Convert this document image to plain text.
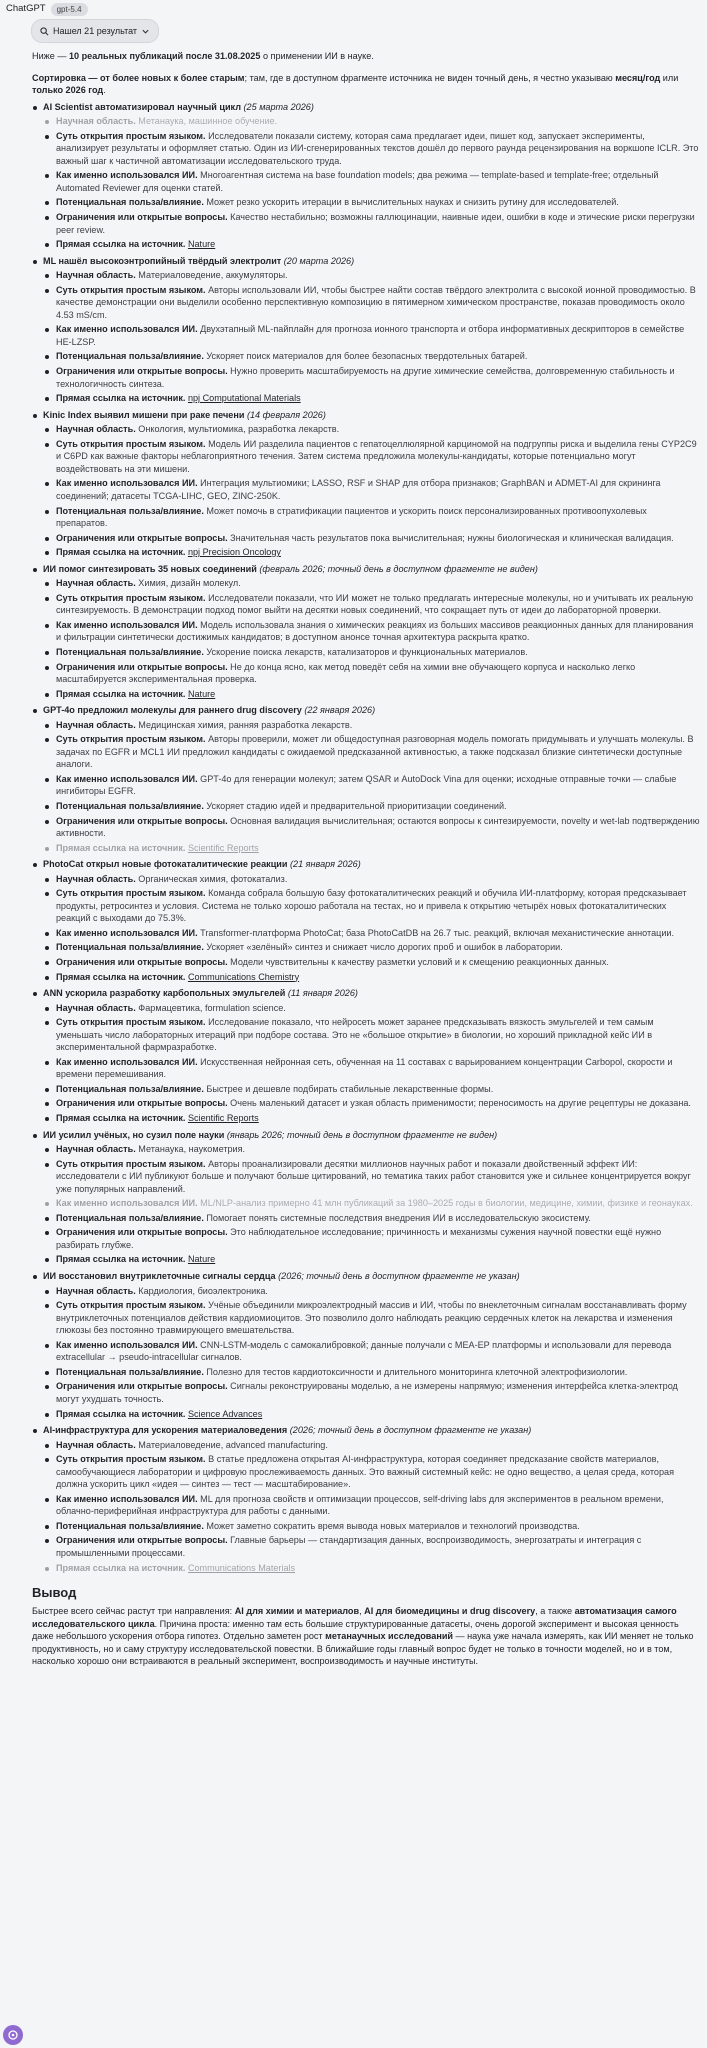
ChatGPT	gpt-5.4
Нашел 21 результат
Ниже — 10 реальных публикаций после 31.08.2025 о применении ИИ в науке.
Сортировка — от более новых к более старым; там, где в доступном фрагменте источника не виден точный день, я честно указываю месяц/год или только 2026 год.
AI Scientist автоматизировал научный цикл (25 марта 2026)
Научная область. Метанаука, машинное обучение.
Суть открытия простым языком. Исследователи показали систему, которая сама предлагает идеи, пишет код, запускает эксперименты, анализирует результаты и оформляет статью. Один из ИИ-сгенерированных текстов дошёл до первого раунда рецензирования на воркшопе ICLR. Это важный шаг к частичной автоматизации исследовательского труда.
Как именно использовался ИИ. Многоагентная система на base foundation models; два режима — template-based и template-free; отдельный Automated Reviewer для оценки статей.
Потенциальная польза/влияние. Может резко ускорить итерации в вычислительных науках и снизить рутину для исследователей.
Ограничения или открытые вопросы. Качество нестабильно; возможны галлюцинации, наивные идеи, ошибки в коде и этические риски перегрузки peer review.
Прямая ссылка на источник. Nature
ML нашёл высокоэнтропийный твёрдый электролит (20 марта 2026)
Научная область. Материаловедение, аккумуляторы.
Суть открытия простым языком. Авторы использовали ИИ, чтобы быстрее найти состав твёрдого электролита с высокой ионной проводимостью. В качестве демонстрации они выделили особенно перспективную композицию в пятимерном химическом пространстве, показав проводимость около 4.53 mS/cm.
Как именно использовался ИИ. Двухэтапный ML-пайплайн для прогноза ионного транспорта и отбора информативных дескрипторов в семействе HE-LZSP.
Потенциальная польза/влияние. Ускоряет поиск материалов для более безопасных твердотельных батарей.
Ограничения или открытые вопросы. Нужно проверить масштабируемость на другие химические семейства, долговременную стабильность и технологичность синтеза.
Прямая ссылка на источник. npj Computational Materials
Kinic Index выявил мишени при раке печени (14 февраля 2026)
Научная область. Онкология, мультиомика, разработка лекарств.
Суть открытия простым языком. Модель ИИ разделила пациентов с гепатоцеллюлярной карциномой на подгруппы риска и выделила гены CYP2C9 и C6PD как важные факторы неблагоприятного течения. Затем система предложила молекулы-кандидаты, которые потенциально могут воздействовать на эти мишени.
Как именно использовался ИИ. Интеграция мультиомики; LASSO, RSF и SHAP для отбора признаков; GraphBAN и ADMET-AI для скрининга соединений; датасеты TCGA-LIHC, GEO, ZINC-250K.
Потенциальная польза/влияние. Может помочь в стратификации пациентов и ускорить поиск персонализированных противоопухолевых препаратов.
Ограничения или открытые вопросы. Значительная часть результатов пока вычислительная; нужны биологическая и клиническая валидация.
Прямая ссылка на источник. npj Precision Oncology
ИИ помог синтезировать 35 новых соединений (февраль 2026; точный день в доступном фрагменте не виден)
Научная область. Химия, дизайн молекул.
Суть открытия простым языком. Исследователи показали, что ИИ может не только предлагать интересные молекулы, но и учитывать их реальную синтезируемость. В демонстрации подход помог выйти на десятки новых соединений, что сокращает путь от идеи до лабораторной проверки.
Как именно использовался ИИ. Модель использовала знания о химических реакциях из больших массивов реакционных данных для планирования и фильтрации синтетически достижимых кандидатов; в доступном анонсе точная архитектура раскрыта кратко.
Потенциальная польза/влияние. Ускорение поиска лекарств, катализаторов и функциональных материалов.
Ограничения или открытые вопросы. Не до конца ясно, как метод поведёт себя на химии вне обучающего корпуса и насколько легко масштабируется экспериментальная проверка.
Прямая ссылка на источник. Nature
GPT-4o предложил молекулы для раннего drug discovery (22 января 2026)
Научная область. Медицинская химия, ранняя разработка лекарств.
Суть открытия простым языком. Авторы проверили, может ли общедоступная разговорная модель помогать придумывать и улучшать молекулы. В задачах по EGFR и MCL1 ИИ предложил кандидаты с ожидаемой предсказанной активностью, а также подсказал близкие синтетически доступные аналоги.
Как именно использовался ИИ. GPT-4o для генерации молекул; затем QSAR и AutoDock Vina для оценки; исходные отправные точки — слабые ингибиторы EGFR.
Потенциальная польза/влияние. Ускоряет стадию идей и предварительной приоритизации соединений.
Ограничения или открытые вопросы. Основная валидация вычислительная; остаются вопросы к синтезируемости, novelty и wet-lab подтверждению активности.
Прямая ссылка на источник. Scientific Reports
PhotoCat открыл новые фотокаталитические реакции (21 января 2026)
Научная область. Органическая химия, фотокатализ.
Суть открытия простым языком. Команда собрала большую базу фотокаталитических реакций и обучила ИИ-платформу, которая предсказывает продукты, ретросинтез и условия. Система не только хорошо работала на тестах, но и привела к открытию четырёх новых фотокаталитических реакций с выходами до 75.3%.
Как именно использовался ИИ. Transformer-платформа PhotoCat; база PhotoCatDB на 26.7 тыс. реакций, включая механистические аннотации.
Потенциальная польза/влияние. Ускоряет «зелёный» синтез и снижает число дорогих проб и ошибок в лаборатории.
Ограничения или открытые вопросы. Модели чувствительны к качеству разметки условий и к смещению реакционных данных.
Прямая ссылка на источник. Communications Chemistry
ANN ускорила разработку карбопольных эмульгелей (11 января 2026)
Научная область. Фармацевтика, formulation science.
Суть открытия простым языком. Исследование показало, что нейросеть может заранее предсказывать вязкость эмульгелей и тем самым уменьшать число лабораторных итераций при подборе состава. Это не «большое открытие» в биологии, но хороший прикладной кейс ИИ в экспериментальной фармразработке.
Как именно использовался ИИ. Искусственная нейронная сеть, обученная на 11 составах с варьированием концентрации Carbopol, скорости и времени перемешивания.
Потенциальная польза/влияние. Быстрее и дешевле подбирать стабильные лекарственные формы.
Ограничения или открытые вопросы. Очень маленький датасет и узкая область применимости; переносимость на другие рецептуры не доказана.
Прямая ссылка на источник. Scientific Reports
ИИ усилил учёных, но сузил поле науки (январь 2026; точный день в доступном фрагменте не виден)
Научная область. Метанаука, наукометрия.
Суть открытия простым языком. Авторы проанализировали десятки миллионов научных работ и показали двойственный эффект ИИ: исследователи с ИИ публикуют больше и получают больше цитирований, но тематика таких работ становится уже и сильнее концентрируется вокруг уже популярных направлений.
Как именно использовался ИИ. ML/NLP-анализ примерно 41 млн публикаций за 1980–2025 годы в биологии, медицине, химии, физике и геонауках.
Потенциальная польза/влияние. Помогает понять системные последствия внедрения ИИ в исследовательскую экосистему.
Ограничения или открытые вопросы. Это наблюдательное исследование; причинность и механизмы сужения научной повестки ещё нужно разбирать глубже.
Прямая ссылка на источник. Nature
ИИ восстановил внутриклеточные сигналы сердца (2026; точный день в доступном фрагменте не указан)
Научная область. Кардиология, биоэлектроника.
Суть открытия простым языком. Учёные объединили микроэлектродный массив и ИИ, чтобы по внеклеточным сигналам восстанавливать форму внутриклеточных потенциалов действия кардиомиоцитов. Это позволило долго наблюдать реакцию сердечных клеток на лекарства и изменения глюкозы без постоянно травмирующего вмешательства.
Как именно использовался ИИ. CNN-LSTM-модель с самокалибровкой; данные получали с MEA-EP платформы и использовали для перевода extracellular → pseudo-intracellular сигналов.
Потенциальная польза/влияние. Полезно для тестов кардиотоксичности и длительного мониторинга клеточной электрофизиологии.
Ограничения или открытые вопросы. Сигналы реконструированы моделью, а не измерены напрямую; изменения интерфейса клетка-электрод могут ухудшать точность.
Прямая ссылка на источник. Science Advances
AI-инфраструктура для ускорения материаловедения (2026; точный день в доступном фрагменте не указан)
Научная область. Материаловедение, advanced manufacturing.
Суть открытия простым языком. В статье предложена открытая AI-инфраструктура, которая соединяет предсказание свойств материалов, самообучающиеся лаборатории и цифровую прослеживаемость данных. Это важный системный кейс: не одно вещество, а целая среда, которая должна ускорить цикл «идея — синтез — тест — масштабирование».
Как именно использовался ИИ. ML для прогноза свойств и оптимизации процессов, self-driving labs для экспериментов в реальном времени, облачно-периферийная инфраструктура для работы с данными.
Потенциальная польза/влияние. Может заметно сократить время вывода новых материалов и технологий производства.
Ограничения или открытые вопросы. Главные барьеры — стандартизация данных, воспроизводимость, энергозатраты и интеграция с промышленными процессами.
Прямая ссылка на источник. Communications Materials
Вывод

Быстрее всего сейчас растут три направления: AI для химии и материалов, AI для биомедицины и drug discovery, а также автоматизация самого исследовательского цикла. Причина проста: именно там есть большие структурированные датасеты, очень дорогой эксперимент и высокая ценность даже небольшого ускорения отбора гипотез. Отдельно заметен рост метанаучных исследований — наука уже начала измерять, как ИИ меняет не только продуктивность, но и саму структуру исследовательской повестки. В ближайшие годы главный вопрос будет не только в точности моделей, но и в том, насколько хорошо они встраиваются в реальный эксперимент, воспроизводимость и научные институты.
